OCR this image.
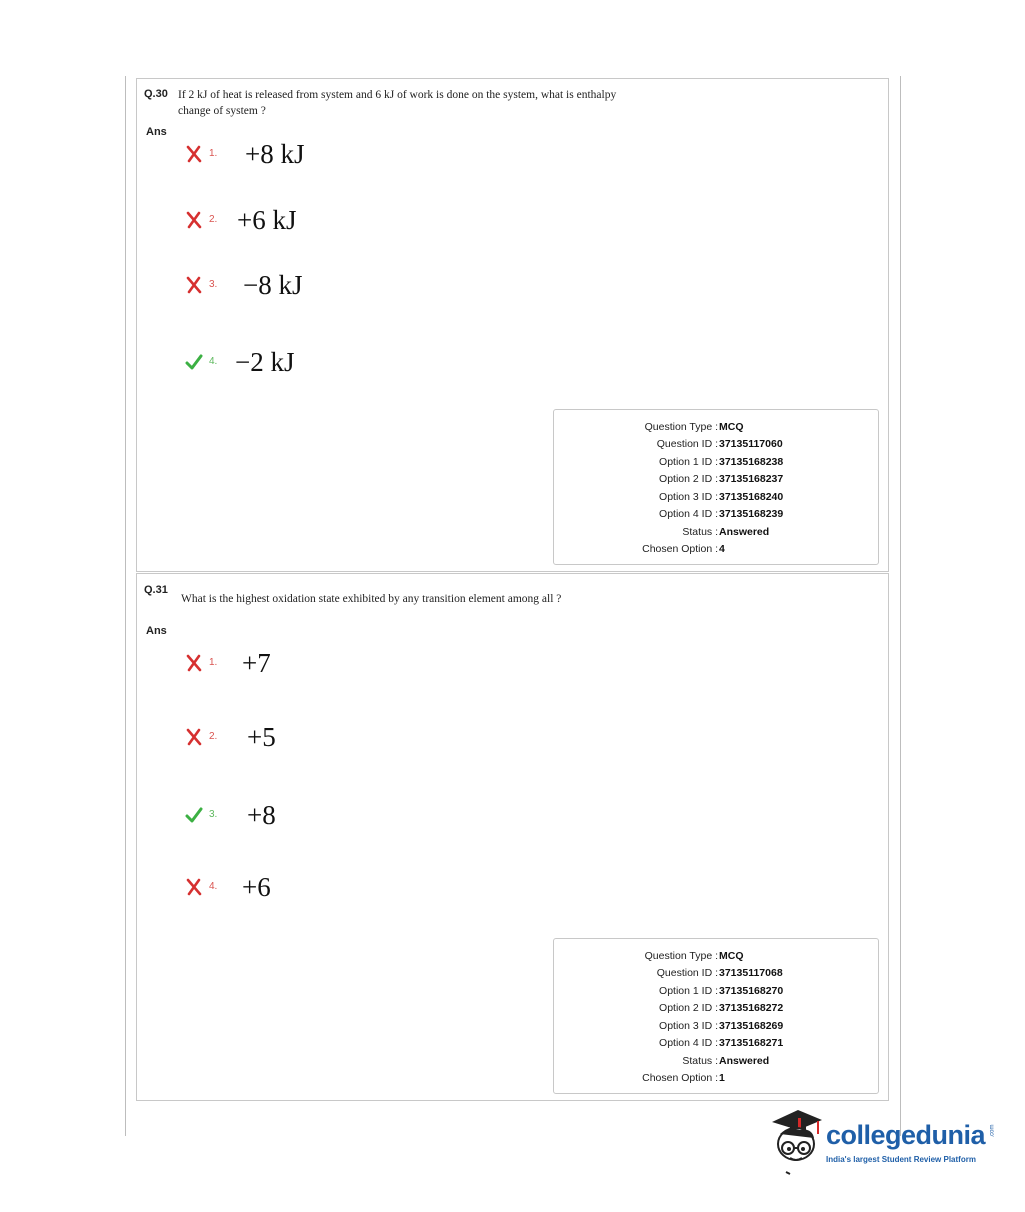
Q.30 If 2 kJ of heat is released from system and 6 kJ of work is done on the system, what is enthalpy
change of system ?
Ans
1. +8 kJ
2. +6 kJ
3. −8 kJ
4. −2 kJ
Question Type : MCQ
Question ID : 37135117060
Option 1 ID : 37135168238
Option 2 ID : 37135168237
Option 3 ID : 37135168240
Option 4 ID : 37135168239
Status : Answered
Chosen Option : 4
Q.31
What is the highest oxidation state exhibited by any transition element among all ?
Ans
1. +7
2. +5
3. +8
4. +6
Question Type : MCQ
Question ID : 37135117068
Option 1 ID : 37135168270
Option 2 ID : 37135168272
Option 3 ID : 37135168269
Option 4 ID : 37135168271
Status : Answered
Chosen Option : 1
collegedunia .com
India's largest Student Review Platform
